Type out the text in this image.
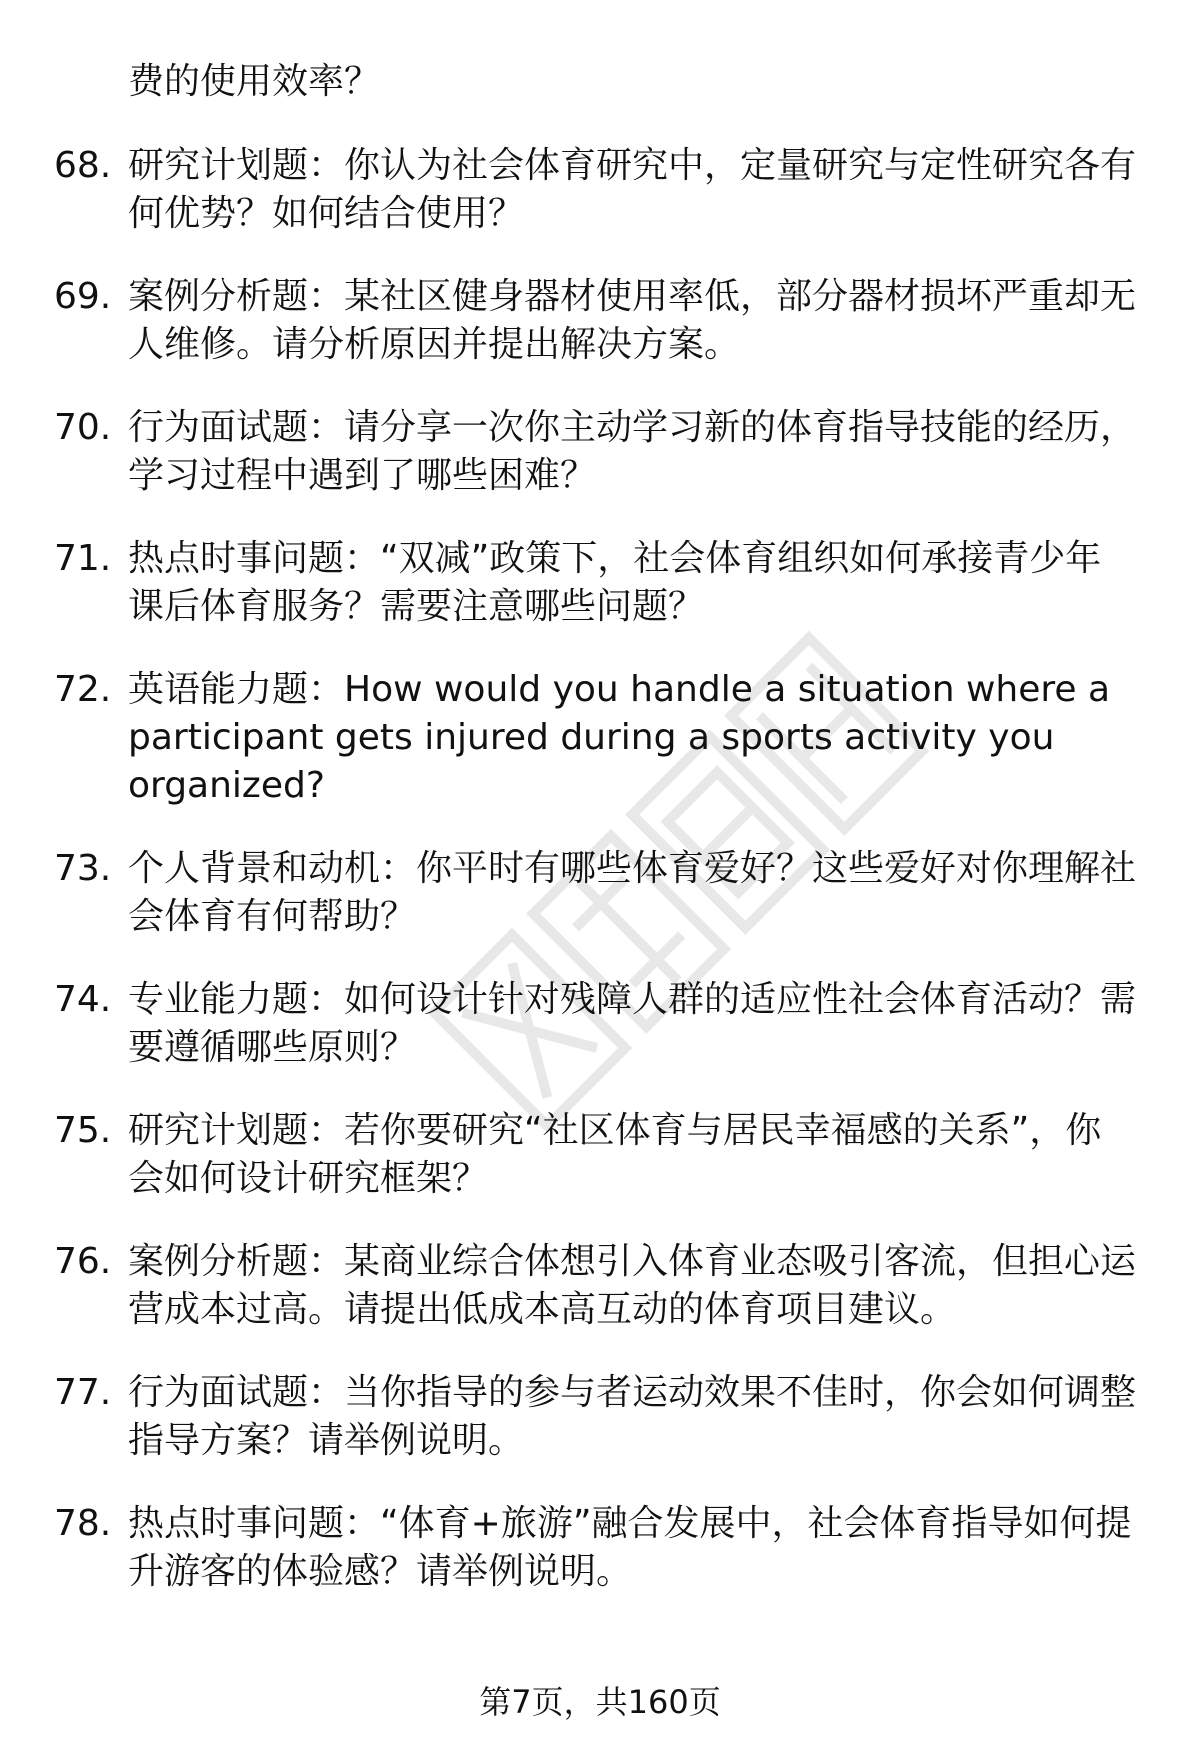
费的使用效率？
68. 研究计划题：你认为社会体育研究中，定量研究与定性研究各有何优势？如何结合使用？
69. 案例分析题：某社区健身器材使用率低，部分器材损坏严重却无人维修。请分析原因并提出解决方案。
70. 行为面试题：请分享一次你主动学习新的体育指导技能的经历，学习过程中遇到了哪些困难？
71. 热点时事问题：“双减”政策下，社会体育组织如何承接青少年课后体育服务？需要注意哪些问题？
72. 英语能力题：How would you handle a situation where a participant gets injured during a sports activity you organized?
73. 个人背景和动机：你平时有哪些体育爱好？这些爱好对你理解社会体育有何帮助？
74. 专业能力题：如何设计针对残障人群的适应性社会体育活动？需要遵循哪些原则？
75. 研究计划题：若你要研究“社区体育与居民幸福感的关系”，你会如何设计研究框架？
76. 案例分析题：某商业综合体想引入体育业态吸引客流，但担心运营成本过高。请提出低成本高互动的体育项目建议。
77. 行为面试题：当你指导的参与者运动效果不佳时，你会如何调整指导方案？请举例说明。
78. 热点时事问题：“体育+旅游”融合发展中，社会体育指导如何提升游客的体验感？请举例说明。
第7页，共160页
